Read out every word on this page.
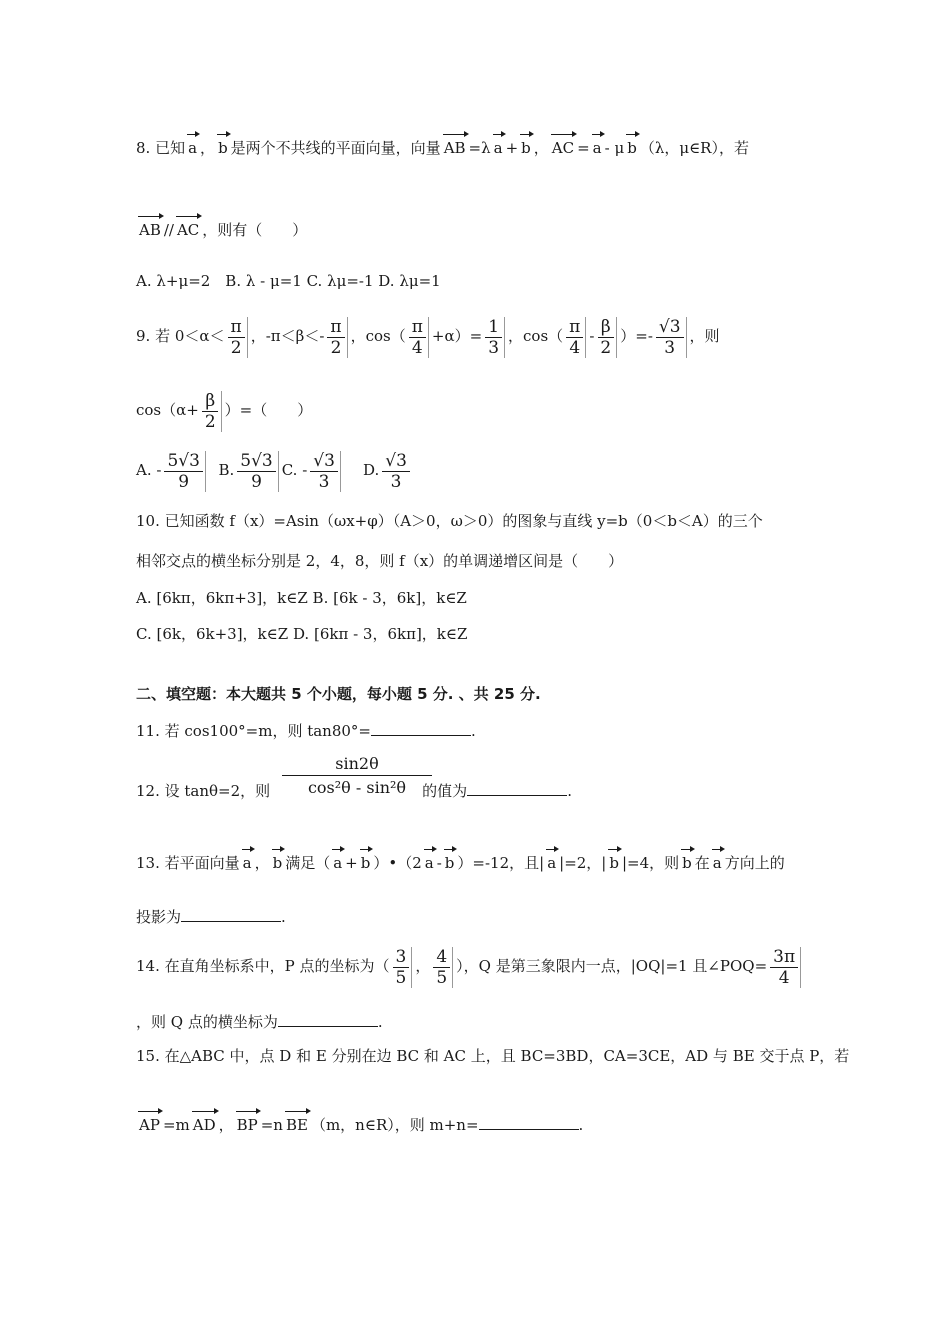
8. 已知 a ， b 是两个不共线的平面向量，向量 AB =λ a + b ， AC = a - μ b （λ，μ∈R），若
AB // AC ，则有（　　）
A. λ+μ=2　B. λ - μ=1 C. λμ=-1 D. λμ=1
9. 若 $0<\alpha< \frac{\pi}{2}$ ，$-\pi<\beta<- \frac{\pi}{2}$ ，$\cos( \frac{\pi}{4} +\alpha)= \frac{1}{3}$ ，$\cos( \frac{\pi}{4} - \frac{\beta}{2}$ ）=- $\frac{√3}{3}$ ，则
$\cos(\alpha+ \frac{\beta}{2}$ ）=（　　）
A. - $\frac{5√3}{9} B$. $\frac{5√3}{9} C$. - $\frac{√3}{3} D$. $\frac{√3}{3}$
10. 已知函数 f（x）=Asin（ωx+φ）（A＞0，ω＞0）的图象与直线 y=b（0＜b＜A）的三个
相邻交点的横坐标分别是 2，4，8，则 f（x）的单调递增区间是（　　）
A. [6kπ，6kπ+3]，k∈Z B. [6k - 3，6k]，k∈Z
C. [6k，6k+3]，k∈Z D. [6kπ - 3，6kπ]，k∈Z
二、填空题：本大题共 5 个小题，每小题 5 分. 、共 25 分.
11. 若 cos100°=m，则 tan80°=	.
12. 设 tanθ=2，则	的值为	.
$\frac{\sin 2\theta}{\text{cos²θ - sin²θ}}$
13. 若平面向量 a ， b 满足（ a + b ）•（2 a - b ）=-12，且| a |=2，| b |=4，则 b 在 a 方向上的
投影为	.
14. 在直角坐标系中，P 点的坐标为（ $\frac{3}{5}$ ， $\frac{4}{5}$ ），Q 是第三象限内一点，|OQ|=1 且∠POQ= $\frac{3\pi}{4}$
，则 Q 点的横坐标为	.
15. 在△ABC 中，点 D 和 E 分别在边 BC 和 AC 上，且 BC=3BD，CA=3CE，AD 与 BE 交于点 P，若
AP =m AD ， BP =n BE （m，n∈R），则 m+n=	.
